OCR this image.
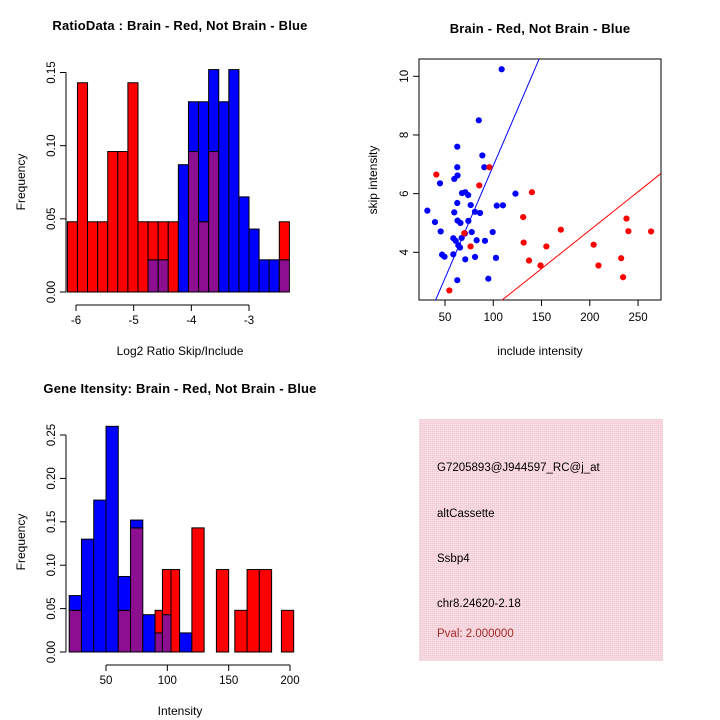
0.00
0.05
0.10
0.15
-6	-5	-4	-3	50	100	150	200	250
4
6
8
10
0.00
0.05
0.10
0.15
0.20
0.25
50	100	150	200
RatioData : Brain - Red, Not Brain - Blue
Log2 Ratio Skip/Include
Frequency
Brain - Red, Not Brain - Blue
include intensity
skip intensity
Gene Itensity: Brain - Red, Not Brain - Blue
Intensity
Frequency
G7205893@J944597_RC@j_at
altCassette
Ssbp4
chr8.24620-2.18
Pval: 2.000000
